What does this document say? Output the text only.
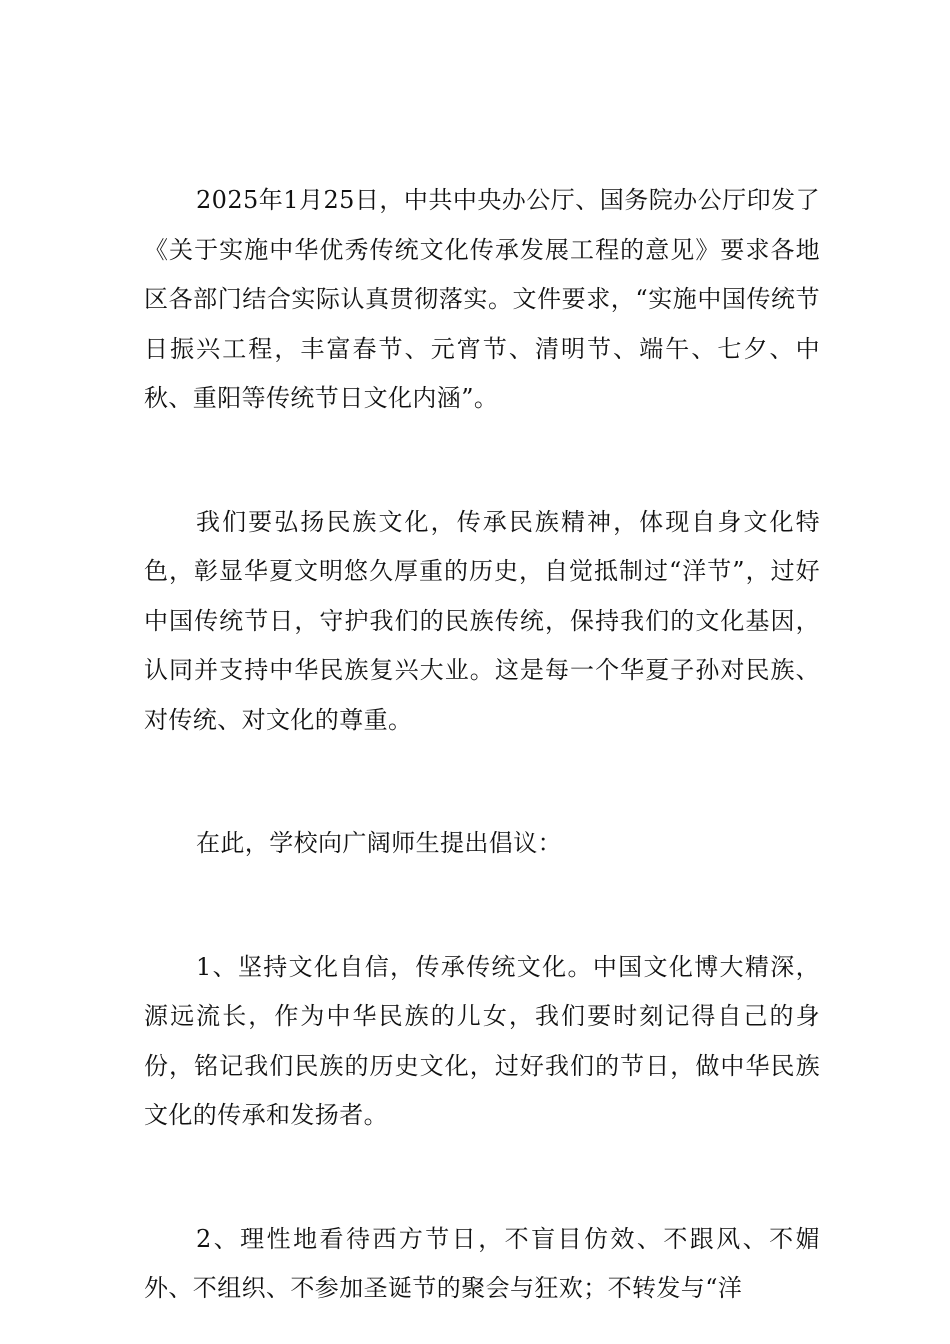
2025年1月25日，中共中央办公厅、国务院办公厅印发了《关于实施中华优秀传统文化传承发展工程的意见》要求各地区各部门结合实际认真贯彻落实。文件要求，“实施中国传统节日振兴工程，丰富春节、元宵节、清明节、端午、七夕、中秋、重阳等传统节日文化内涵”。

我们要弘扬民族文化，传承民族精神，体现自身文化特色，彰显华夏文明悠久厚重的历史，自觉抵制过“洋节”，过好中国传统节日，守护我们的民族传统，保持我们的文化基因，认同并支持中华民族复兴大业。这是每一个华夏子孙对民族、对传统、对文化的尊重。

在此，学校向广阔师生提出倡议：

1、坚持文化自信，传承传统文化。中国文化博大精深，源远流长，作为中华民族的儿女，我们要时刻记得自己的身份，铭记我们民族的历史文化，过好我们的节日，做中华民族文化的传承和发扬者。

2、理性地看待西方节日，不盲目仿效、不跟风、不媚外、不组织、不参加圣诞节的聚会与狂欢；不转发与“洋
